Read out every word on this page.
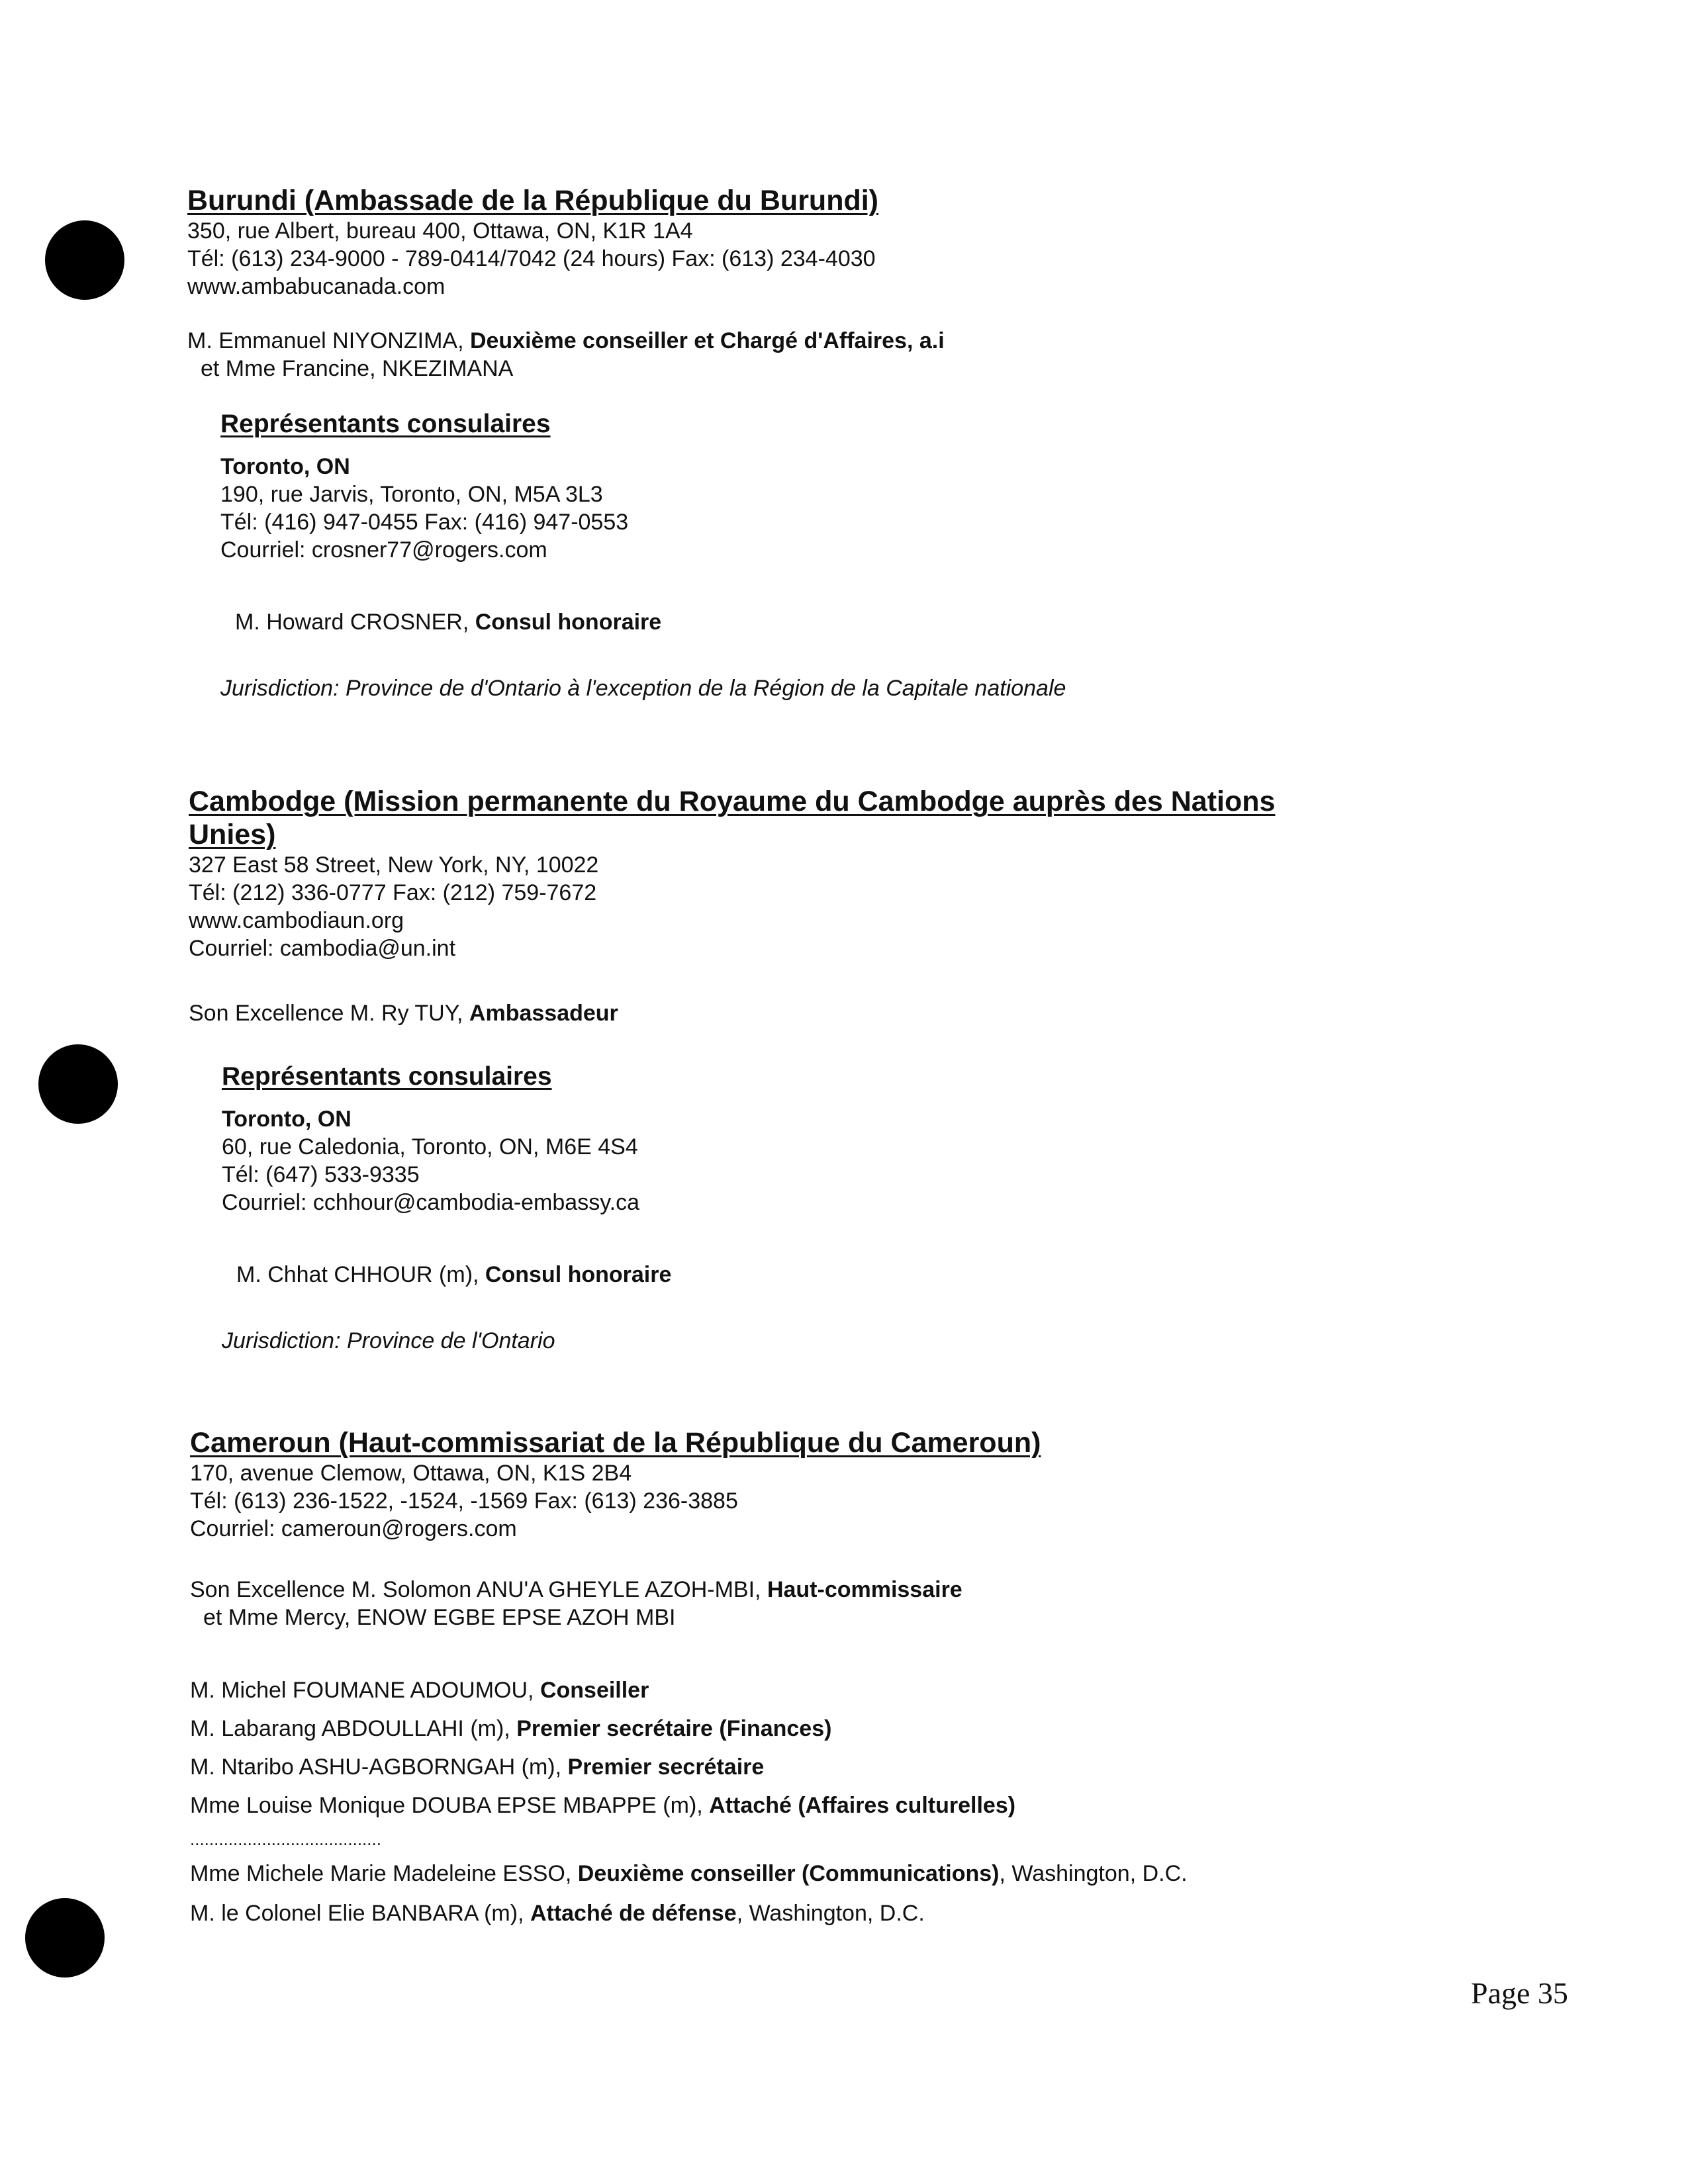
Burundi (Ambassade de la République du Burundi)
350, rue Albert, bureau 400, Ottawa, ON, K1R 1A4
Tél: (613) 234-9000 - 789-0414/7042 (24 hours) Fax: (613) 234-4030
www.ambabucanada.com
M. Emmanuel NIYONZIMA, Deuxième conseiller et Chargé d'Affaires, a.i
et Mme Francine, NKEZIMANA
Représentants consulaires
Toronto, ON
190, rue Jarvis, Toronto, ON, M5A 3L3
Tél: (416) 947-0455 Fax: (416) 947-0553
Courriel: crosner77@rogers.com
M. Howard CROSNER, Consul honoraire
Jurisdiction: Province de d'Ontario à l'exception de la Région de la Capitale nationale
Cambodge (Mission permanente du Royaume du Cambodge auprès des Nations Unies)
327 East 58 Street, New York, NY, 10022
Tél: (212) 336-0777 Fax: (212) 759-7672
www.cambodiaun.org
Courriel: cambodia@un.int
Son Excellence M. Ry TUY, Ambassadeur
Représentants consulaires
Toronto, ON
60, rue Caledonia, Toronto, ON, M6E 4S4
Tél: (647) 533-9335
Courriel: cchhour@cambodia-embassy.ca
M. Chhat CHHOUR (m), Consul honoraire
Jurisdiction: Province de l'Ontario
Cameroun (Haut-commissariat de la République du Cameroun)
170, avenue Clemow, Ottawa, ON, K1S 2B4
Tél: (613) 236-1522, -1524, -1569 Fax: (613) 236-3885
Courriel: cameroun@rogers.com
Son Excellence M. Solomon ANU'A GHEYLE AZOH-MBI, Haut-commissaire
et Mme Mercy, ENOW EGBE EPSE AZOH MBI
M. Michel FOUMANE ADOUMOU, Conseiller
M. Labarang ABDOULLAHI (m), Premier secrétaire (Finances)
M. Ntaribo ASHU-AGBORNGAH (m), Premier secrétaire
Mme Louise Monique DOUBA EPSE MBAPPE (m), Attaché (Affaires culturelles)
........................................
Mme Michele Marie Madeleine ESSO, Deuxième conseiller (Communications), Washington, D.C.
M. le Colonel Elie BANBARA (m), Attaché de défense, Washington, D.C.
Page 35
